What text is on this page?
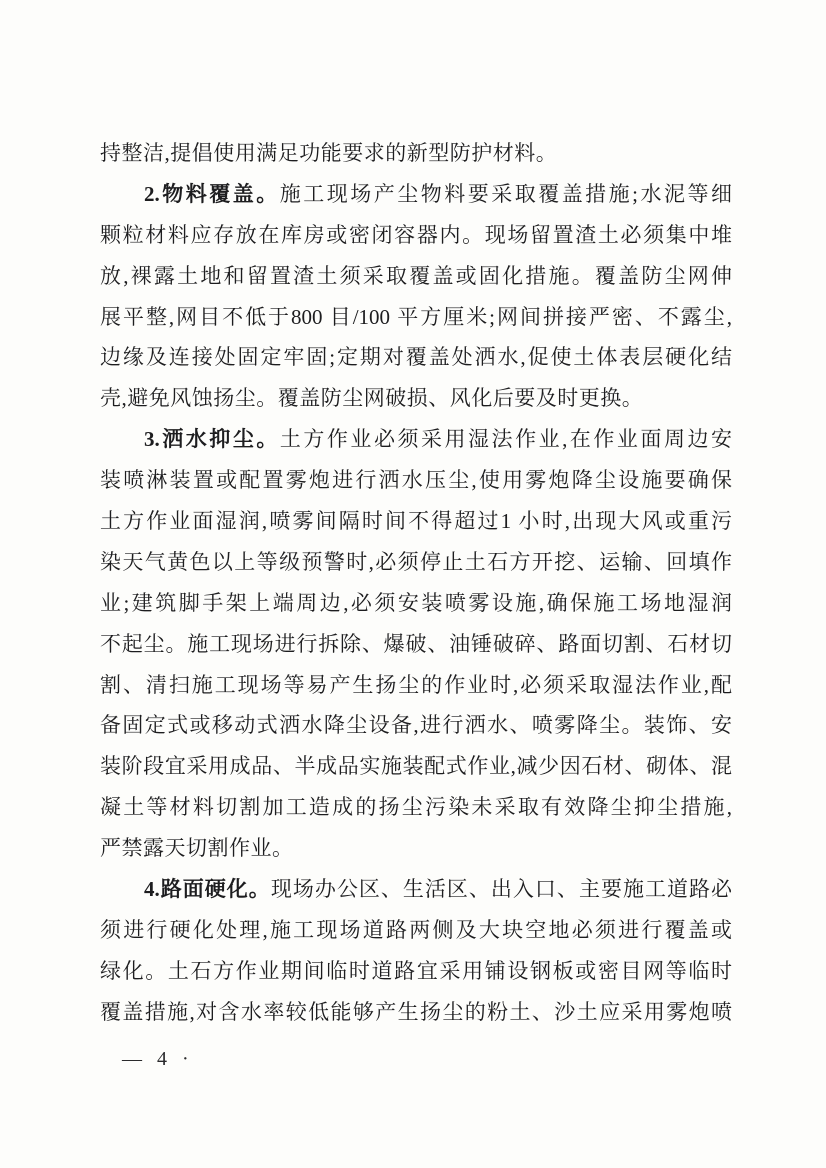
持整洁,提倡使用满足功能要求的新型防护材料。
2.物料覆盖。施工现场产尘物料要采取覆盖措施;水泥等细
颗粒材料应存放在库房或密闭容器内。现场留置渣土必须集中堆
放,裸露土地和留置渣土须采取覆盖或固化措施。覆盖防尘网伸
展平整,网目不低于800 目/100 平方厘米;网间拼接严密、不露尘,
边缘及连接处固定牢固;定期对覆盖处洒水,促使土体表层硬化结
壳,避免风蚀扬尘。覆盖防尘网破损、风化后要及时更换。
3.洒水抑尘。土方作业必须采用湿法作业,在作业面周边安
装喷淋装置或配置雾炮进行洒水压尘,使用雾炮降尘设施要确保
土方作业面湿润,喷雾间隔时间不得超过1 小时,出现大风或重污
染天气黄色以上等级预警时,必须停止土石方开挖、运输、回填作
业;建筑脚手架上端周边,必须安装喷雾设施,确保施工场地湿润
不起尘。施工现场进行拆除、爆破、油锤破碎、路面切割、石材切
割、清扫施工现场等易产生扬尘的作业时,必须采取湿法作业,配
备固定式或移动式洒水降尘设备,进行洒水、喷雾降尘。装饰、安
装阶段宜采用成品、半成品实施装配式作业,减少因石材、砌体、混
凝土等材料切割加工造成的扬尘污染未采取有效降尘抑尘措施,
严禁露天切割作业。
4.路面硬化。现场办公区、生活区、出入口、主要施工道路必
须进行硬化处理,施工现场道路两侧及大块空地必须进行覆盖或
绿化。土石方作业期间临时道路宜采用铺设钢板或密目网等临时
覆盖措施,对含水率较低能够产生扬尘的粉土、沙土应采用雾炮喷
— 4 ·
